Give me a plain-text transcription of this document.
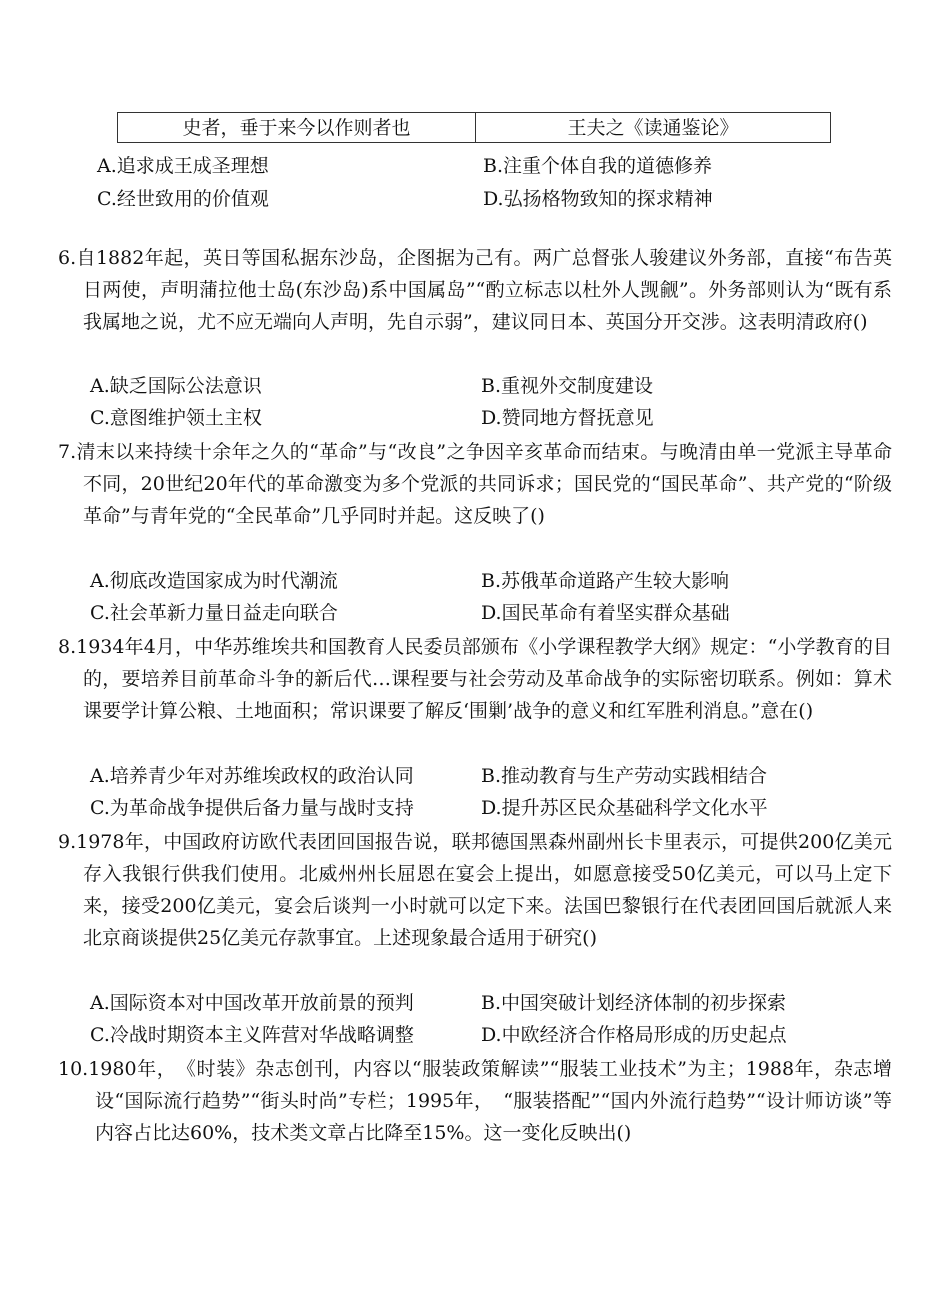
史者，垂于来今以作则者也	王夫之《读通鉴论》
A.追求成王成圣理想	B.注重个体自我的道德修养
C.经世致用的价值观	D.弘扬格物致知的探求精神
6.自1882年起，英日等国私据东沙岛，企图据为己有。两广总督张人骏建议外务部，直接“布告英日两使，声明蒲拉他士岛(东沙岛)系中国属岛”“酌立标志以杜外人觊觎”。外务部则认为“既有系我属地之说，尤不应无端向人声明，先自示弱”，建议同日本、英国分开交涉。这表明清政府()
A.缺乏国际公法意识	B.重视外交制度建设
C.意图维护领土主权	D.赞同地方督抚意见
7.清末以来持续十余年之久的“革命”与“改良”之争因辛亥革命而结束。与晚清由单一党派主导革命不同，20世纪20年代的革命激变为多个党派的共同诉求；国民党的“国民革命”、共产党的“阶级革命”与青年党的“全民革命”几乎同时并起。这反映了()
A.彻底改造国家成为时代潮流	B.苏俄革命道路产生较大影响
C.社会革新力量日益走向联合	D.国民革命有着坚实群众基础
8.1934年4月，中华苏维埃共和国教育人民委员部颁布《小学课程教学大纲》规定：“小学教育的目的，要培养目前革命斗争的新后代…课程要与社会劳动及革命战争的实际密切联系。例如：算术课要学计算公粮、土地面积；常识课要了解反‘围剿’战争的意义和红军胜利消息。”意在()
A.培养青少年对苏维埃政权的政治认同	B.推动教育与生产劳动实践相结合
C.为革命战争提供后备力量与战时支持	D.提升苏区民众基础科学文化水平
9.1978年，中国政府访欧代表团回国报告说，联邦德国黑森州副州长卡里表示，可提供200亿美元存入我银行供我们使用。北威州州长屈恩在宴会上提出，如愿意接受50亿美元，可以马上定下来，接受200亿美元，宴会后谈判一小时就可以定下来。法国巴黎银行在代表团回国后就派人来北京商谈提供25亿美元存款事宜。上述现象最合适用于研究()
A.国际资本对中国改革开放前景的预判	B.中国突破计划经济体制的初步探索
C.冷战时期资本主义阵营对华战略调整	D.中欧经济合作格局形成的历史起点
10.1980年，　《时装》杂志创刊，内容以“服装政策解读”“服装工业技术”为主；1988年，杂志增设“国际流行趋势”“街头时尚”专栏；1995年，　“服装搭配”“国内外流行趋势”“设计师访谈”等内容占比达60%，技术类文章占比降至15%。这一变化反映出()
